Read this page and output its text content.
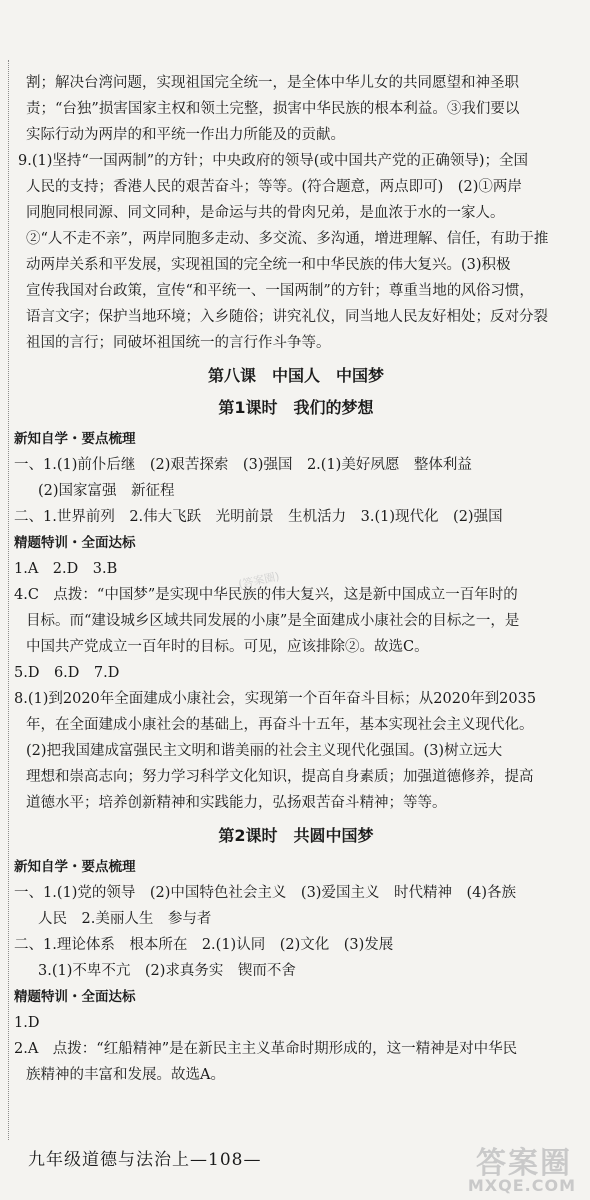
割；解决台湾问题，实现祖国完全统一，是全体中华儿女的共同愿望和神圣职

责；“台独”损害国家主权和领土完整，损害中华民族的根本利益。③我们要以

实际行动为两岸的和平统一作出力所能及的贡献。

9.(1)坚持“一国两制”的方针；中央政府的领导(或中国共产党的正确领导)；全国

人民的支持；香港人民的艰苦奋斗；等等。(符合题意，两点即可)　(2)①两岸

同胞同根同源、同文同种，是命运与共的骨肉兄弟，是血浓于水的一家人。

②“人不走不亲”，两岸同胞多走动、多交流、多沟通，增进理解、信任，有助于推

动两岸关系和平发展，实现祖国的完全统一和中华民族的伟大复兴。(3)积极

宣传我国对台政策，宣传“和平统一、一国两制”的方针；尊重当地的风俗习惯，

语言文字；保护当地环境；入乡随俗；讲究礼仪，同当地人民友好相处；反对分裂

祖国的言行；同破坏祖国统一的言行作斗争等。

第八课　中国人　中国梦
第1课时　我们的梦想

新知自学・要点梳理

一、1.(1)前仆后继　(2)艰苦探索　(3)强国　2.(1)美好夙愿　整体利益

(2)国家富强　新征程

二、1.世界前列　2.伟大飞跃　光明前景　生机活力　3.(1)现代化　(2)强国

精题特训・全面达标

1.A　2.D　3.B

4.C　点拨：“中国梦”是实现中华民族的伟大复兴，这是新中国成立一百年时的

目标。而“建设城乡区域共同发展的小康”是全面建成小康社会的目标之一，是

中国共产党成立一百年时的目标。可见，应该排除②。故选C。

5.D　6.D　7.D

8.(1)到2020年全面建成小康社会，实现第一个百年奋斗目标；从2020年到2035

年，在全面建成小康社会的基础上，再奋斗十五年，基本实现社会主义现代化。

(2)把我国建成富强民主文明和谐美丽的社会主义现代化强国。(3)树立远大

理想和崇高志向；努力学习科学文化知识，提高自身素质；加强道德修养，提高

道德水平；培养创新精神和实践能力，弘扬艰苦奋斗精神；等等。

第2课时　共圆中国梦

新知自学・要点梳理

一、1.(1)党的领导　(2)中国特色社会主义　(3)爱国主义　时代精神　(4)各族

人民　2.美丽人生　参与者

二、1.理论体系　根本所在　2.(1)认同　(2)文化　(3)发展

3.(1)不卑不亢　(2)求真务实　锲而不舍

精题特训・全面达标

1.D

2.A　点拨：“红船精神”是在新民主主义革命时期形成的，这一精神是对中华民

族精神的丰富和发展。故选A。

(答案圈)
九年级道德与法治上—108—	答案圈
MXQE.COM
